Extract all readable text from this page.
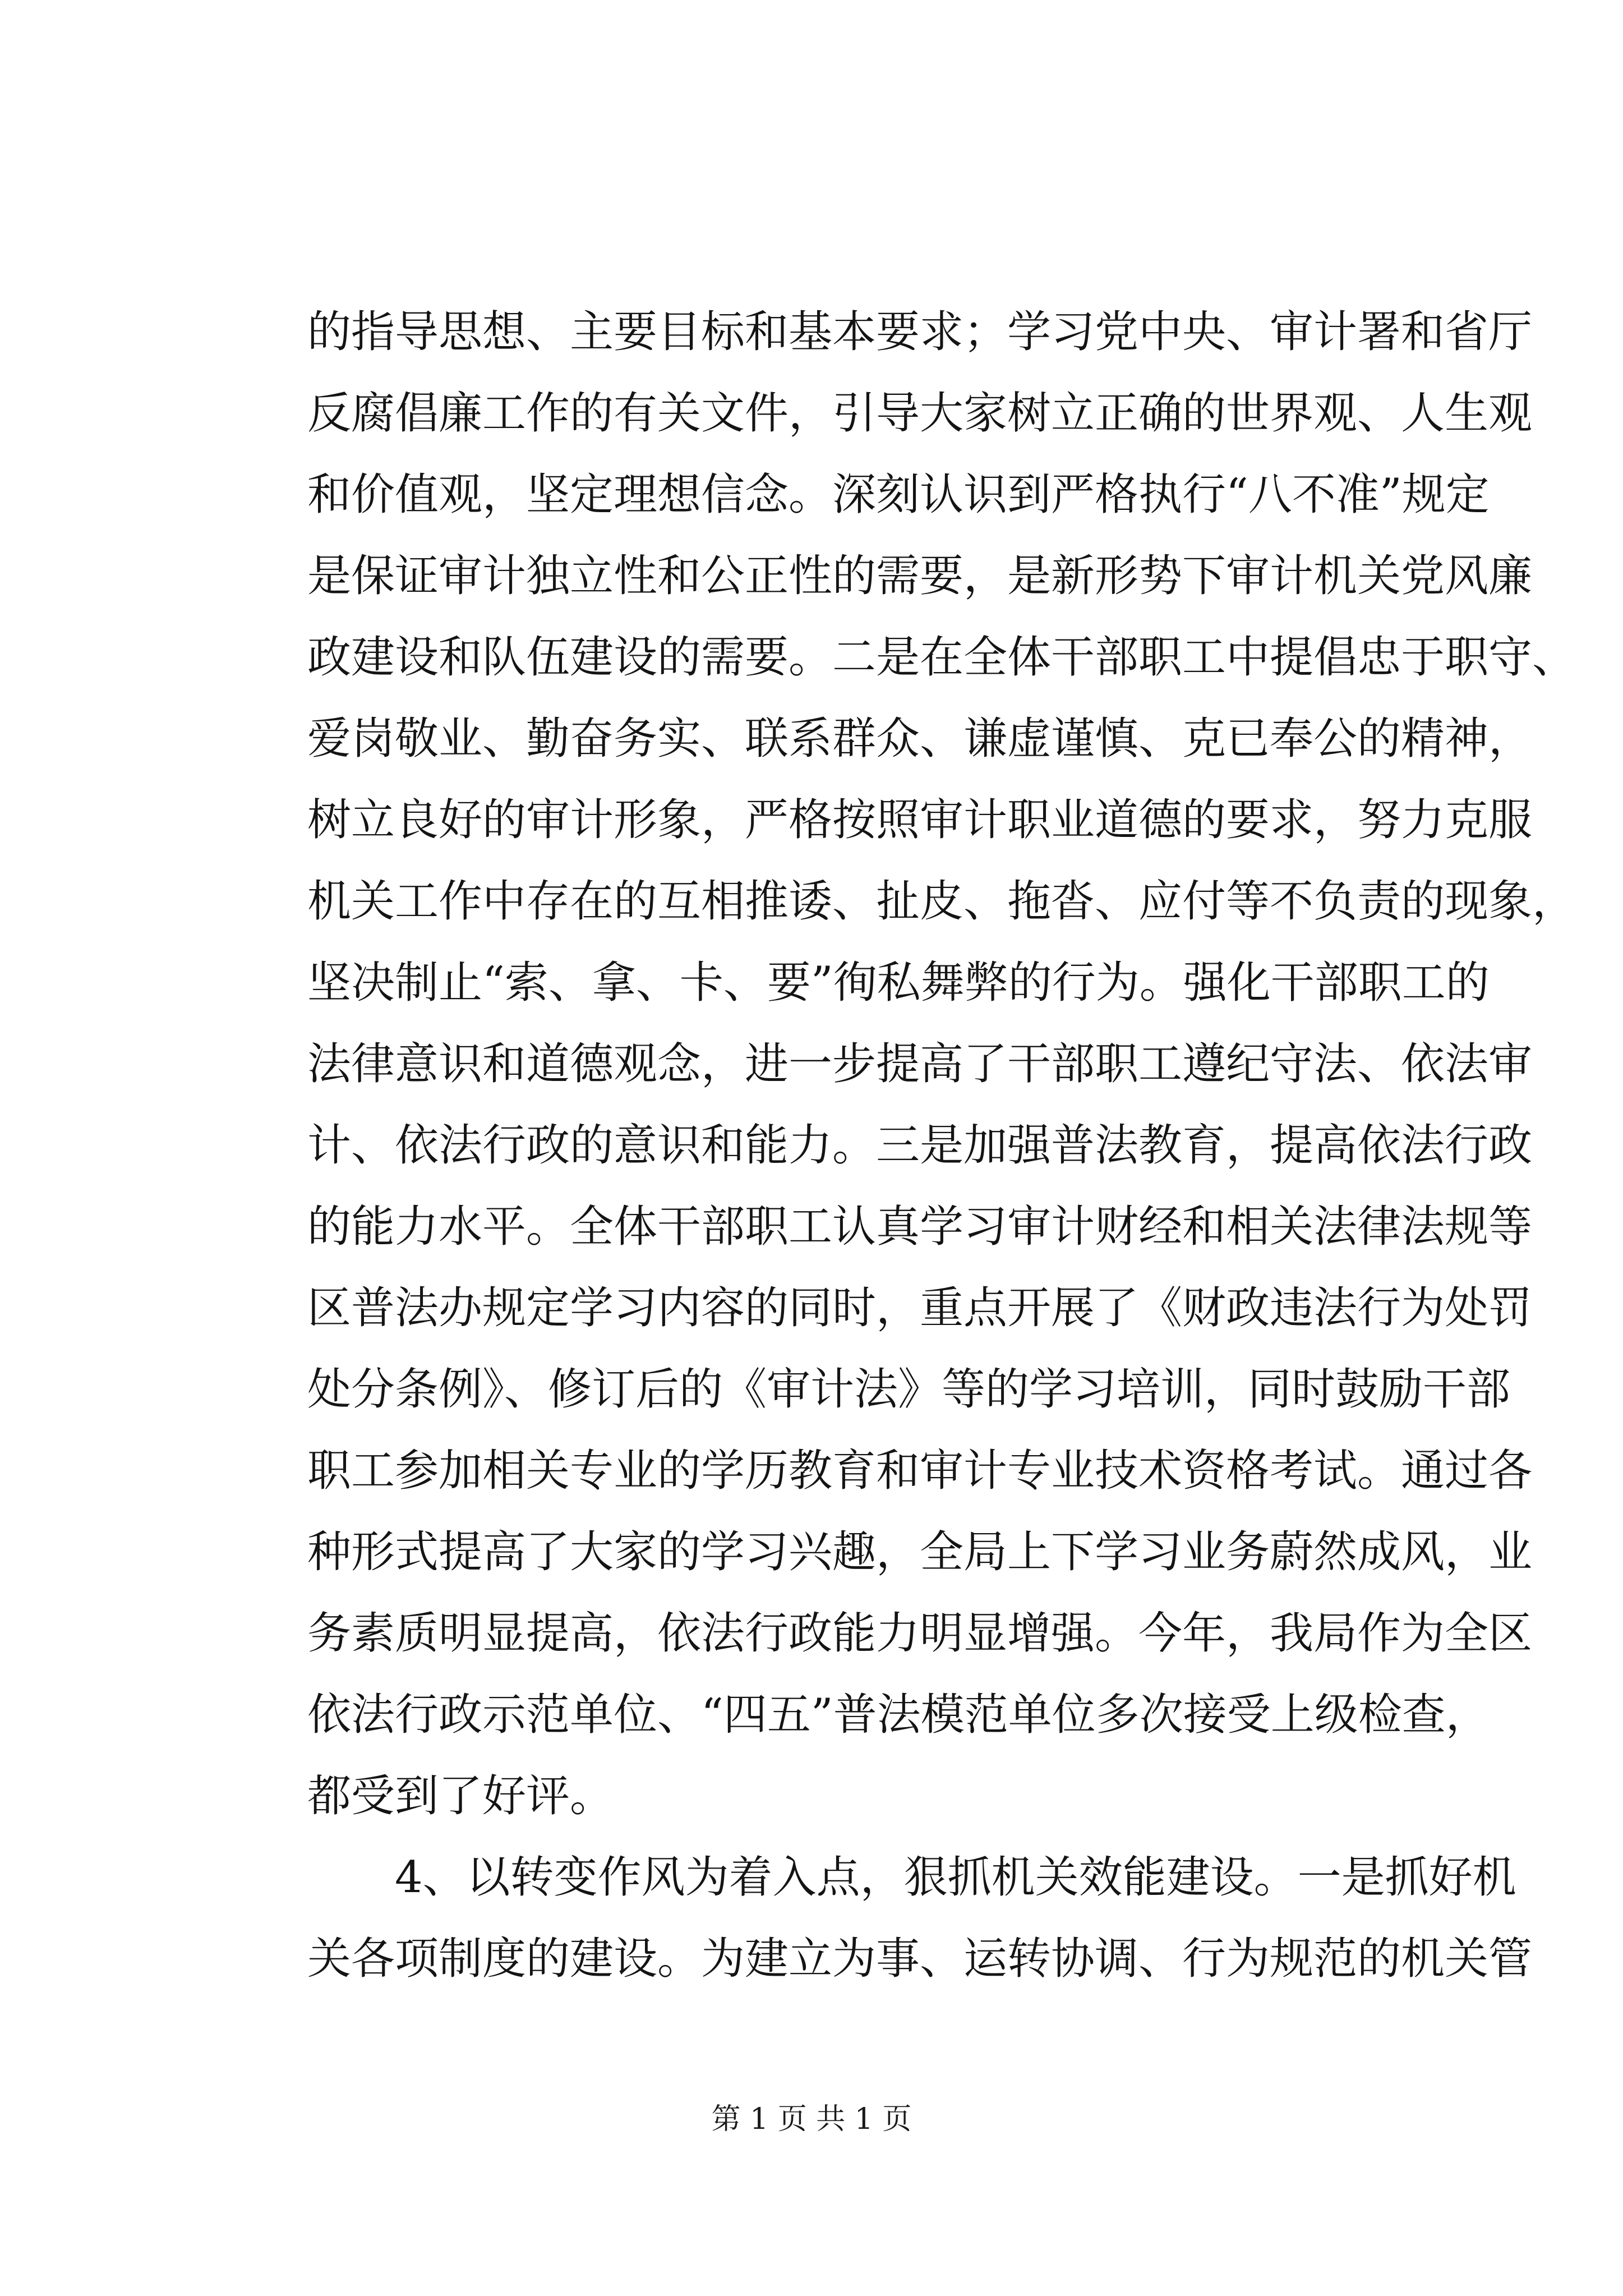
的指导思想、主要目标和基本要求；学习党中央、审计署和省厅
反腐倡廉工作的有关文件，引导大家树立正确的世界观、人生观
和价值观，坚定理想信念。深刻认识到严格执行“八不准”规定
是保证审计独立性和公正性的需要，是新形势下审计机关党风廉
政建设和队伍建设的需要。二是在全体干部职工中提倡忠于职守、
爱岗敬业、勤奋务实、联系群众、谦虚谨慎、克已奉公的精神，
树立良好的审计形象，严格按照审计职业道德的要求，努力克服
机关工作中存在的互相推诿、扯皮、拖沓、应付等不负责的现象，
坚决制止“索、拿、卡、要”徇私舞弊的行为。强化干部职工的
法律意识和道德观念，进一步提高了干部职工遵纪守法、依法审
计、依法行政的意识和能力。三是加强普法教育，提高依法行政
的能力水平。全体干部职工认真学习审计财经和相关法律法规等
区普法办规定学习内容的同时，重点开展了《财政违法行为处罚
处分条例》、修订后的《审计法》等的学习培训，同时鼓励干部
职工参加相关专业的学历教育和审计专业技术资格考试。通过各
种形式提高了大家的学习兴趣，全局上下学习业务蔚然成风，业
务素质明显提高，依法行政能力明显增强。今年，我局作为全区
依法行政示范单位、“四五”普法模范单位多次接受上级检查，
都受到了好评。
4、以转变作风为着入点，狠抓机关效能建设。一是抓好机
关各项制度的建设。为建立为事、运转协调、行为规范的机关管
第 1 页 共 1 页
